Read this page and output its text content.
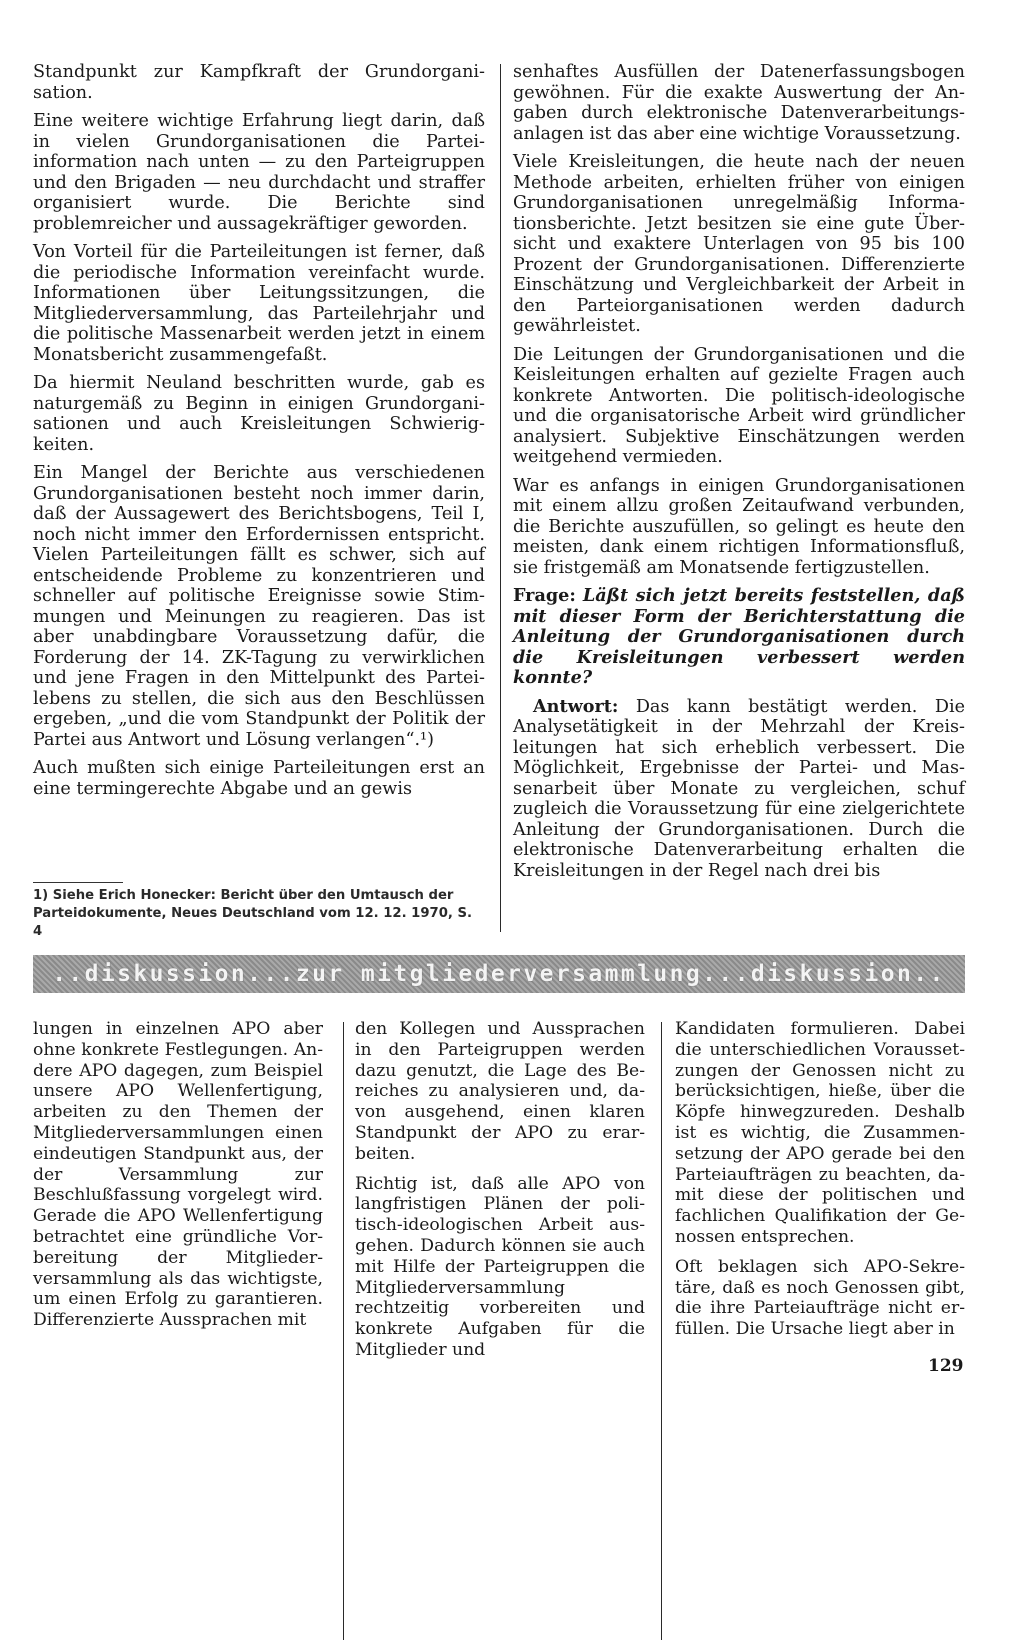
Standpunkt zur Kampfkraft der Grundorganisation.

Eine weitere wichtige Erfahrung liegt darin, daß in vielen Grundorganisationen die Parteiinformation nach unten — zu den Parteigruppen und den Brigaden — neu durchdacht und straffer organisiert wurde. Die Berichte sind problemreicher und aussagekräftiger geworden.

Von Vorteil für die Parteileitungen ist ferner, daß die periodische Information vereinfacht wurde. Informationen über Leitungssitzungen, die Mitgliederversammlung, das Parteilehrjahr und die politische Massenarbeit werden jetzt in einem Monatsbericht zusammengefaßt.

Da hiermit Neuland beschritten wurde, gab es naturgemäß zu Beginn in einigen Grundorganisationen und auch Kreisleitungen Schwierigkeiten.

Ein Mangel der Berichte aus verschiedenen Grundorganisationen besteht noch immer darin, daß der Aussagewert des Berichtsbogens, Teil I, noch nicht immer den Erfordernissen entspricht. Vielen Parteileitungen fällt es schwer, sich auf entscheidende Probleme zu konzentrieren und schneller auf politische Ereignisse sowie Stimmungen und Meinungen zu reagieren. Das ist aber unabdingbare Voraussetzung dafür, die Forderung der 14. ZK-Tagung zu verwirklichen und jene Fragen in den Mittelpunkt des Parteilebens zu stellen, die sich aus den Beschlüssen ergeben, „und die vom Standpunkt der Politik der Partei aus Antwort und Lösung verlangen“.¹)

Auch mußten sich einige Parteileitungen erst an eine termingerechte Abgabe und an gewis

1) Siehe Erich Honecker: Bericht über den Umtausch der Parteidokumente, Neues Deutschland vom 12. 12. 1970, S. 4

senhaftes Ausfüllen der Datenerfassungsbogen gewöhnen. Für die exakte Auswertung der Angaben durch elektronische Datenverarbeitungsanlagen ist das aber eine wichtige Voraussetzung.

Viele Kreisleitungen, die heute nach der neuen Methode arbeiten, erhielten früher von einigen Grundorganisationen unregelmäßig Informationsberichte. Jetzt besitzen sie eine gute Übersicht und exaktere Unterlagen von 95 bis 100 Prozent der Grundorganisationen. Differenzierte Einschätzung und Vergleichbarkeit der Arbeit in den Parteiorganisationen werden dadurch gewährleistet.

Die Leitungen der Grundorganisationen und die Keisleitungen erhalten auf gezielte Fragen auch konkrete Antworten. Die politisch-ideologische und die organisatorische Arbeit wird gründlicher analysiert. Subjektive Einschätzungen werden weitgehend vermieden.

War es anfangs in einigen Grundorganisationen mit einem allzu großen Zeitaufwand verbunden, die Berichte auszufüllen, so gelingt es heute den meisten, dank einem richtigen Informationsfluß, sie fristgemäß am Monatsende fertigzustellen.

Frage: Läßt sich jetzt bereits feststellen, daß mit dieser Form der Berichterstattung die Anleitung der Grundorganisationen durch die Kreisleitungen verbessert werden konnte?

Antwort: Das kann bestätigt werden. Die Analysetätigkeit in der Mehrzahl der Kreisleitungen hat sich erheblich verbessert. Die Möglichkeit, Ergebnisse der Partei- und Massenarbeit über Monate zu vergleichen, schuf zugleich die Voraussetzung für eine zielgerichtete Anleitung der Grundorganisationen. Durch die elektronische Datenverarbeitung erhalten die Kreisleitungen in der Regel nach drei bis

..diskussion...zur mitgliederversammlung...diskussion..

lungen in einzelnen APO aber ohne konkrete Festlegungen. Andere APO dagegen, zum Beispiel unsere APO Wellenfertigung, arbeiten zu den Themen der Mitgliederversammlungen einen eindeutigen Standpunkt aus, der der Versammlung zur Beschlußfassung vorgelegt wird. Gerade die APO Wellenfertigung betrachtet eine gründliche Vorbereitung der Mitgliederversammlung als das wichtigste, um einen Erfolg zu garantieren. Differenzierte Aussprachen mit

den Kollegen und Aussprachen in den Parteigruppen werden dazu genutzt, die Lage des Bereiches zu analysieren und, davon ausgehend, einen klaren Standpunkt der APO zu erarbeiten.

Richtig ist, daß alle APO von langfristigen Plänen der politisch-ideologischen Arbeit ausgehen. Dadurch können sie auch mit Hilfe der Parteigruppen die Mitgliederversammlung rechtzeitig vorbereiten und konkrete Aufgaben für die Mitglieder und

Kandidaten formulieren. Dabei die unterschiedlichen Voraussetzungen der Genossen nicht zu berücksichtigen, hieße, über die Köpfe hinwegzureden. Deshalb ist es wichtig, die Zusammensetzung der APO gerade bei den Parteiaufträgen zu beachten, damit diese der politischen und fachlichen Qualifikation der Genossen entsprechen.

Oft beklagen sich APO-Sekretäre, daß es noch Genossen gibt, die ihre Parteiaufträge nicht erfüllen. Die Ursache liegt aber in

129
